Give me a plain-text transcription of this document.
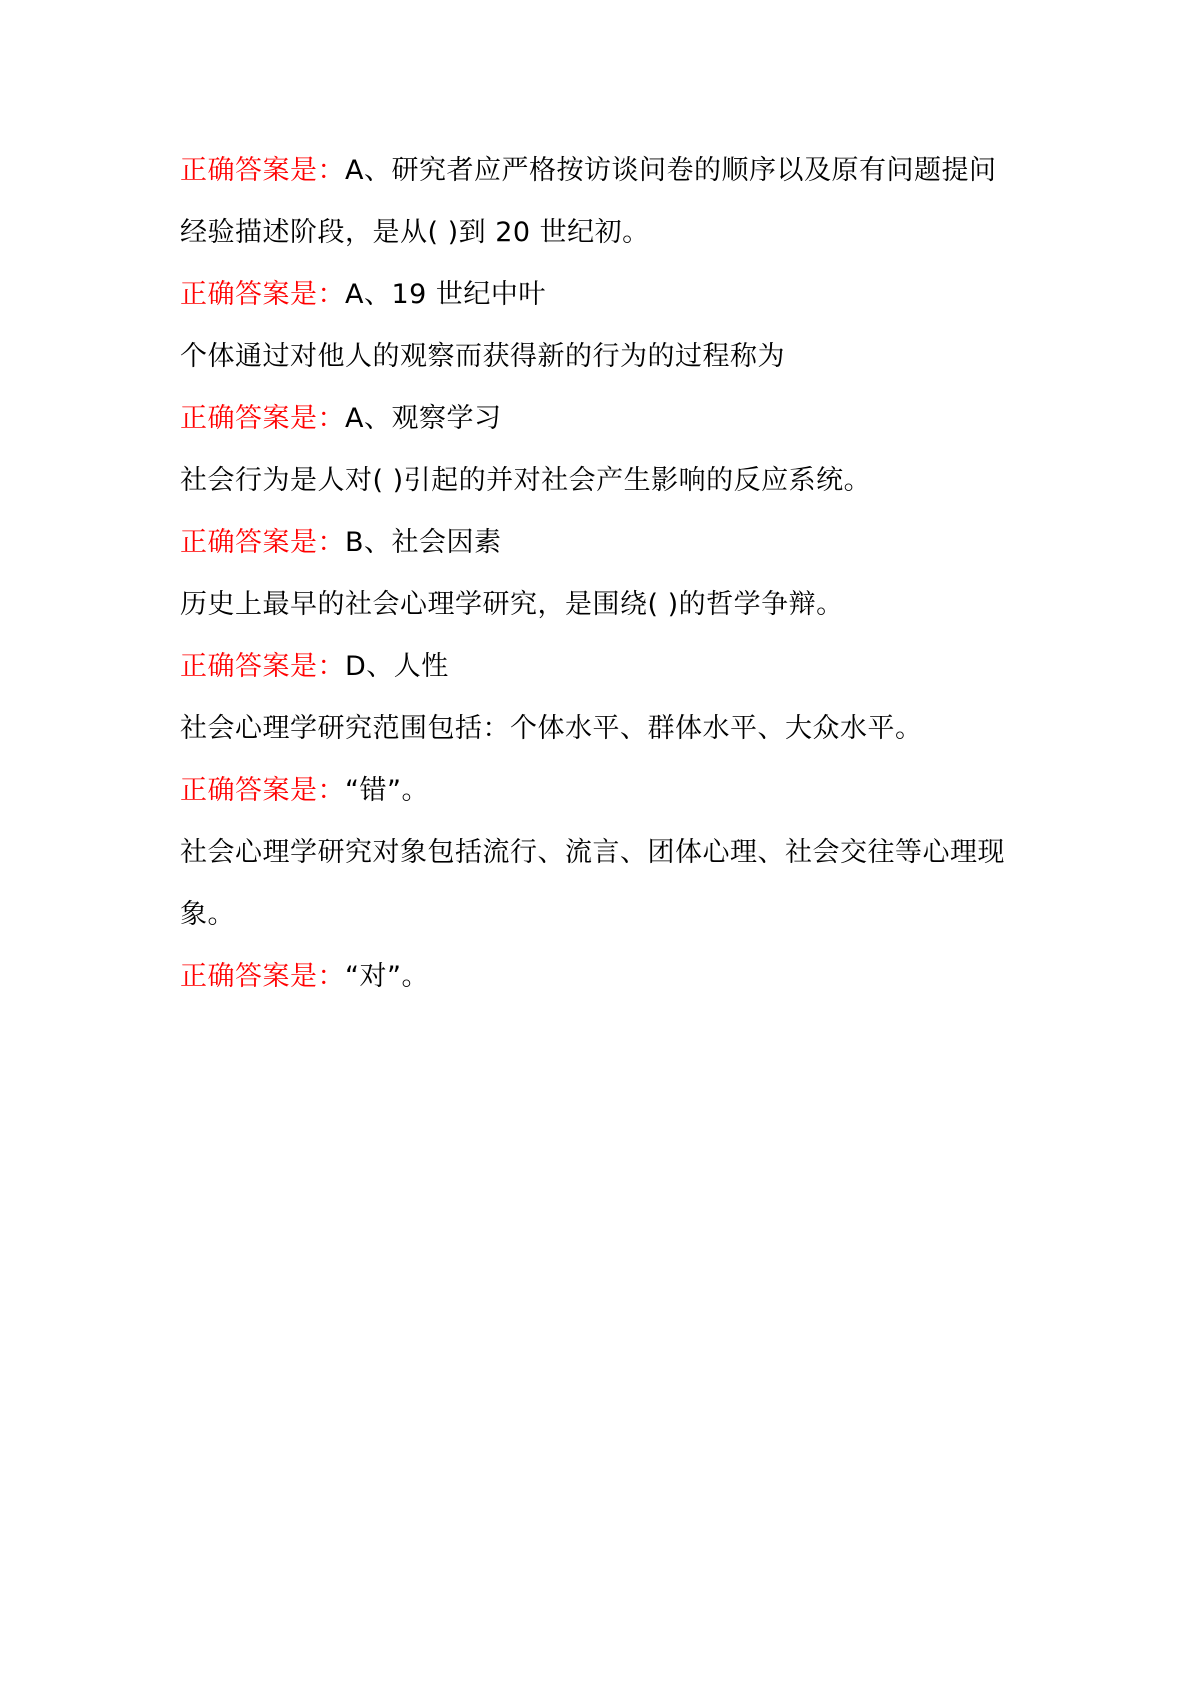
正确答案是：A、研究者应严格按访谈问卷的顺序以及原有问题提问
经验描述阶段，是从( )到 20 世纪初。
正确答案是：A、19 世纪中叶
个体通过对他人的观察而获得新的行为的过程称为
正确答案是：A、观察学习
社会行为是人对( )引起的并对社会产生影响的反应系统。
正确答案是：B、社会因素
历史上最早的社会心理学研究，是围绕( )的哲学争辩。
正确答案是：D、人性
社会心理学研究范围包括：个体水平、群体水平、大众水平。
正确答案是：“错”。
社会心理学研究对象包括流行、流言、团体心理、社会交往等心理现
象。
正确答案是：“对”。
